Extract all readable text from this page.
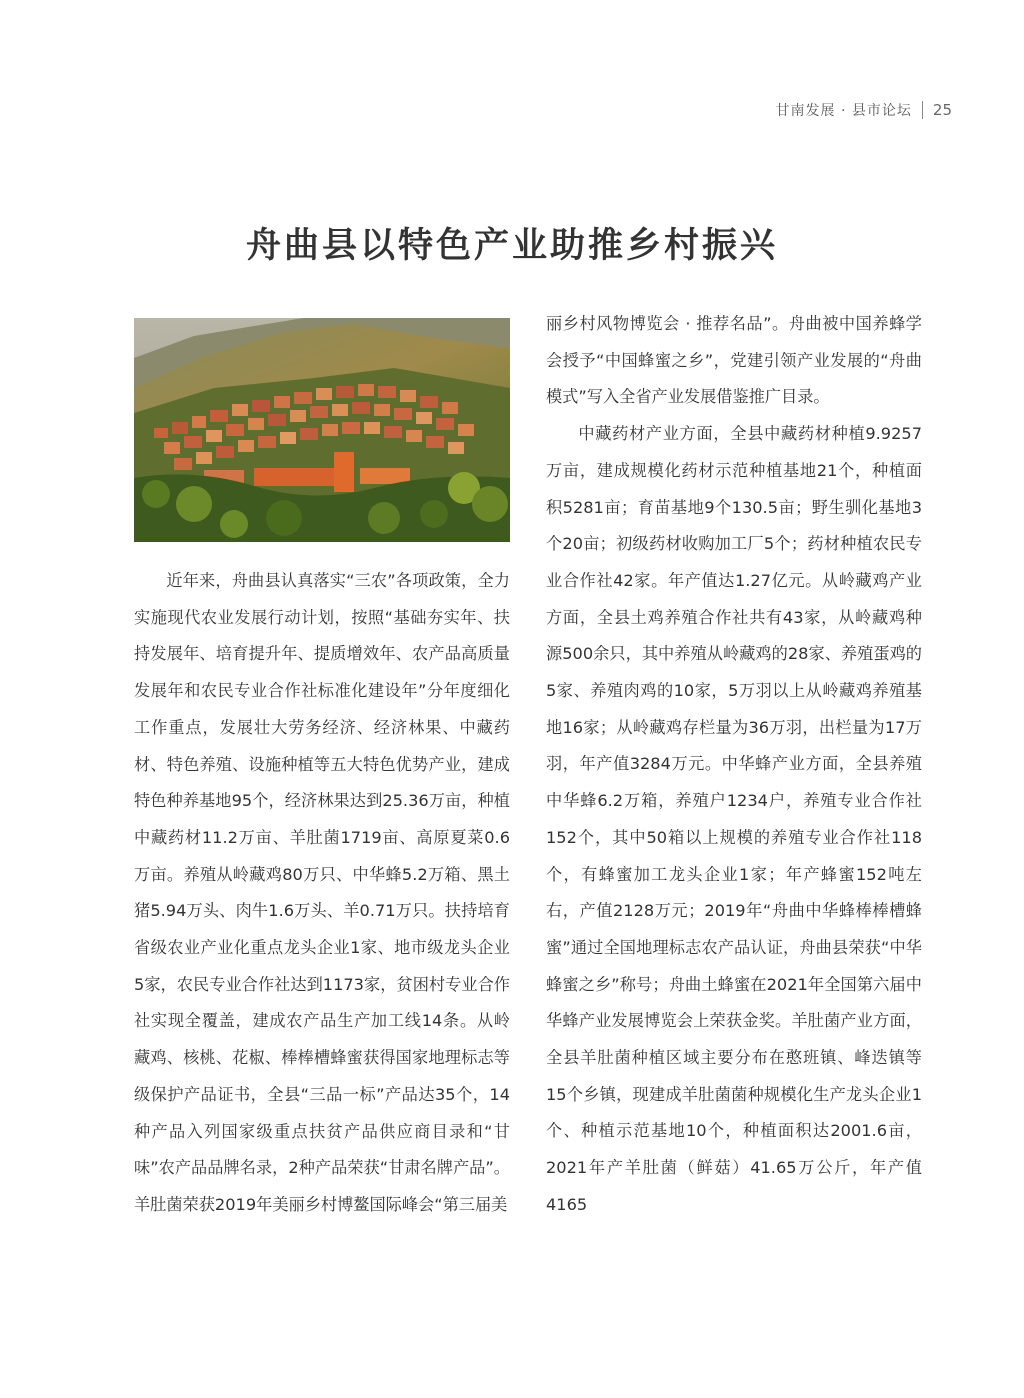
甘南发展 · 县市论坛 25
舟曲县以特色产业助推乡村振兴

近年来，舟曲县认真落实“三农”各项政策，全力实施现代农业发展行动计划，按照“基础夯实年、扶持发展年、培育提升年、提质增效年、农产品高质量发展年和农民专业合作社标准化建设年”分年度细化工作重点，发展壮大劳务经济、经济林果、中藏药材、特色养殖、设施种植等五大特色优势产业，建成特色种养基地95个，经济林果达到25.36万亩，种植中藏药材11.2万亩、羊肚菌1719亩、高原夏菜0.6万亩。养殖从岭藏鸡80万只、中华蜂5.2万箱、黑土猪5.94万头、肉牛1.6万头、羊0.71万只。扶持培育省级农业产业化重点龙头企业1家、地市级龙头企业5家，农民专业合作社达到1173家，贫困村专业合作社实现全覆盖，建成农产品生产加工线14条。从岭藏鸡、核桃、花椒、棒棒槽蜂蜜获得国家地理标志等级保护产品证书，全县“三品一标”产品达35个，14种产品入列国家级重点扶贫产品供应商目录和“甘味”农产品品牌名录，2种产品荣获“甘肃名牌产品”。羊肚菌荣获2019年美丽乡村博鳌国际峰会“第三届美

丽乡村风物博览会 · 推荐名品”。舟曲被中国养蜂学会授予“中国蜂蜜之乡”，党建引领产业发展的“舟曲模式”写入全省产业发展借鉴推广目录。

中藏药材产业方面，全县中藏药材种植9.9257万亩，建成规模化药材示范种植基地21个，种植面积5281亩；育苗基地9个130.5亩；野生驯化基地3个20亩；初级药材收购加工厂5个；药材种植农民专业合作社42家。年产值达1.27亿元。从岭藏鸡产业方面，全县土鸡养殖合作社共有43家，从岭藏鸡种源500余只，其中养殖从岭藏鸡的28家、养殖蛋鸡的5家、养殖肉鸡的10家，5万羽以上从岭藏鸡养殖基地16家；从岭藏鸡存栏量为36万羽，出栏量为17万羽，年产值3284万元。中华蜂产业方面，全县养殖中华蜂6.2万箱，养殖户1234户，养殖专业合作社152个，其中50箱以上规模的养殖专业合作社118个，有蜂蜜加工龙头企业1家；年产蜂蜜152吨左右，产值2128万元；2019年“舟曲中华蜂棒棒槽蜂蜜”通过全国地理标志农产品认证，舟曲县荣获“中华蜂蜜之乡”称号；舟曲土蜂蜜在2021年全国第六届中华蜂产业发展博览会上荣获金奖。羊肚菌产业方面，全县羊肚菌种植区域主要分布在憨班镇、峰迭镇等15个乡镇，现建成羊肚菌菌种规模化生产龙头企业1个、种植示范基地10个，种植面积达2001.6亩，2021年产羊肚菌（鲜菇）41.65万公斤，年产值4165
